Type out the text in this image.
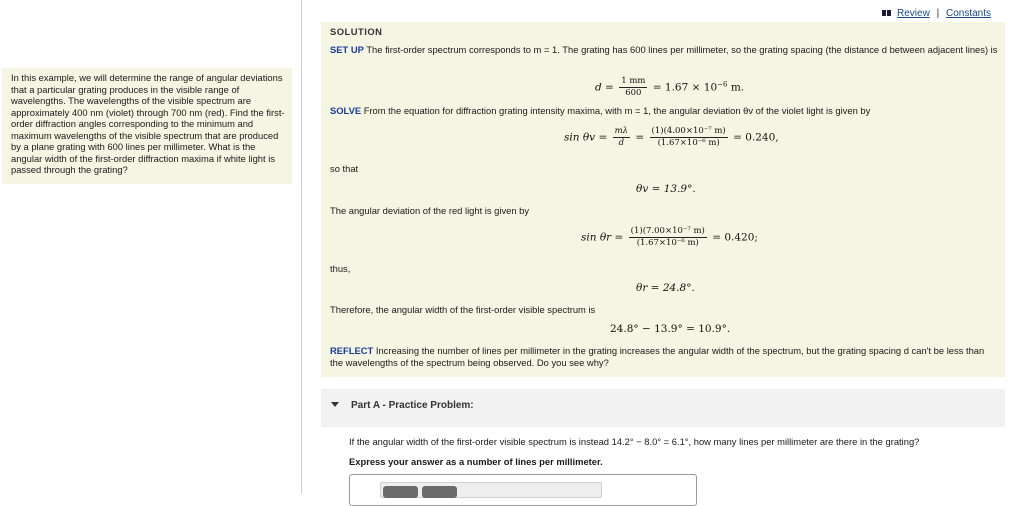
In this example, we will determine the range of angular deviations that a particular grating produces in the visible range of wavelengths. The wavelengths of the visible spectrum are approximately 400 nm (violet) through 700 nm (red). Find the first-order diffraction angles corresponding to the minimum and maximum wavelengths of the visible spectrum that are produced by a plane grating with 600 lines per millimeter. What is the angular width of the first-order diffraction maxima if white light is passed through the grating?
Review | Constants
SOLUTION
SET UP The first-order spectrum corresponds to m = 1. The grating has 600 lines per millimeter, so the grating spacing (the distance d between adjacent lines) is
$d = \frac{1 mm}{600} = 1.67 \times 10^{-6}$ m.
SOLVE From the equation for diffraction grating intensity maxima, with m = 1, the angular deviation θv of the violet light is given by
$\sin \theta v = \frac{m\lambda}{d} = \frac{\text{(1)(4.00×10⁻⁷ m)}}{\text{(1.67×10⁻⁶ m)}} = 0.240$,
so that
θv = 13.9°.
The angular deviation of the red light is given by
$\sin \theta r = \frac{\text{(1)(7.00×10⁻⁷ m)}}{\text{(1.67×10⁻⁶ m)}} = 0.420$;
thus,
θr = 24.8°.
Therefore, the angular width of the first-order visible spectrum is
24.8° − 13.9° = 10.9°.
REFLECT Increasing the number of lines per millimeter in the grating increases the angular width of the spectrum, but the grating spacing d can't be less than the wavelengths of the spectrum being observed. Do you see why?
Part A - Practice Problem:
If the angular width of the first-order visible spectrum is instead 14.2° − 8.0° = 6.1°, how many lines per millimeter are there in the grating?
Express your answer as a number of lines per millimeter.
